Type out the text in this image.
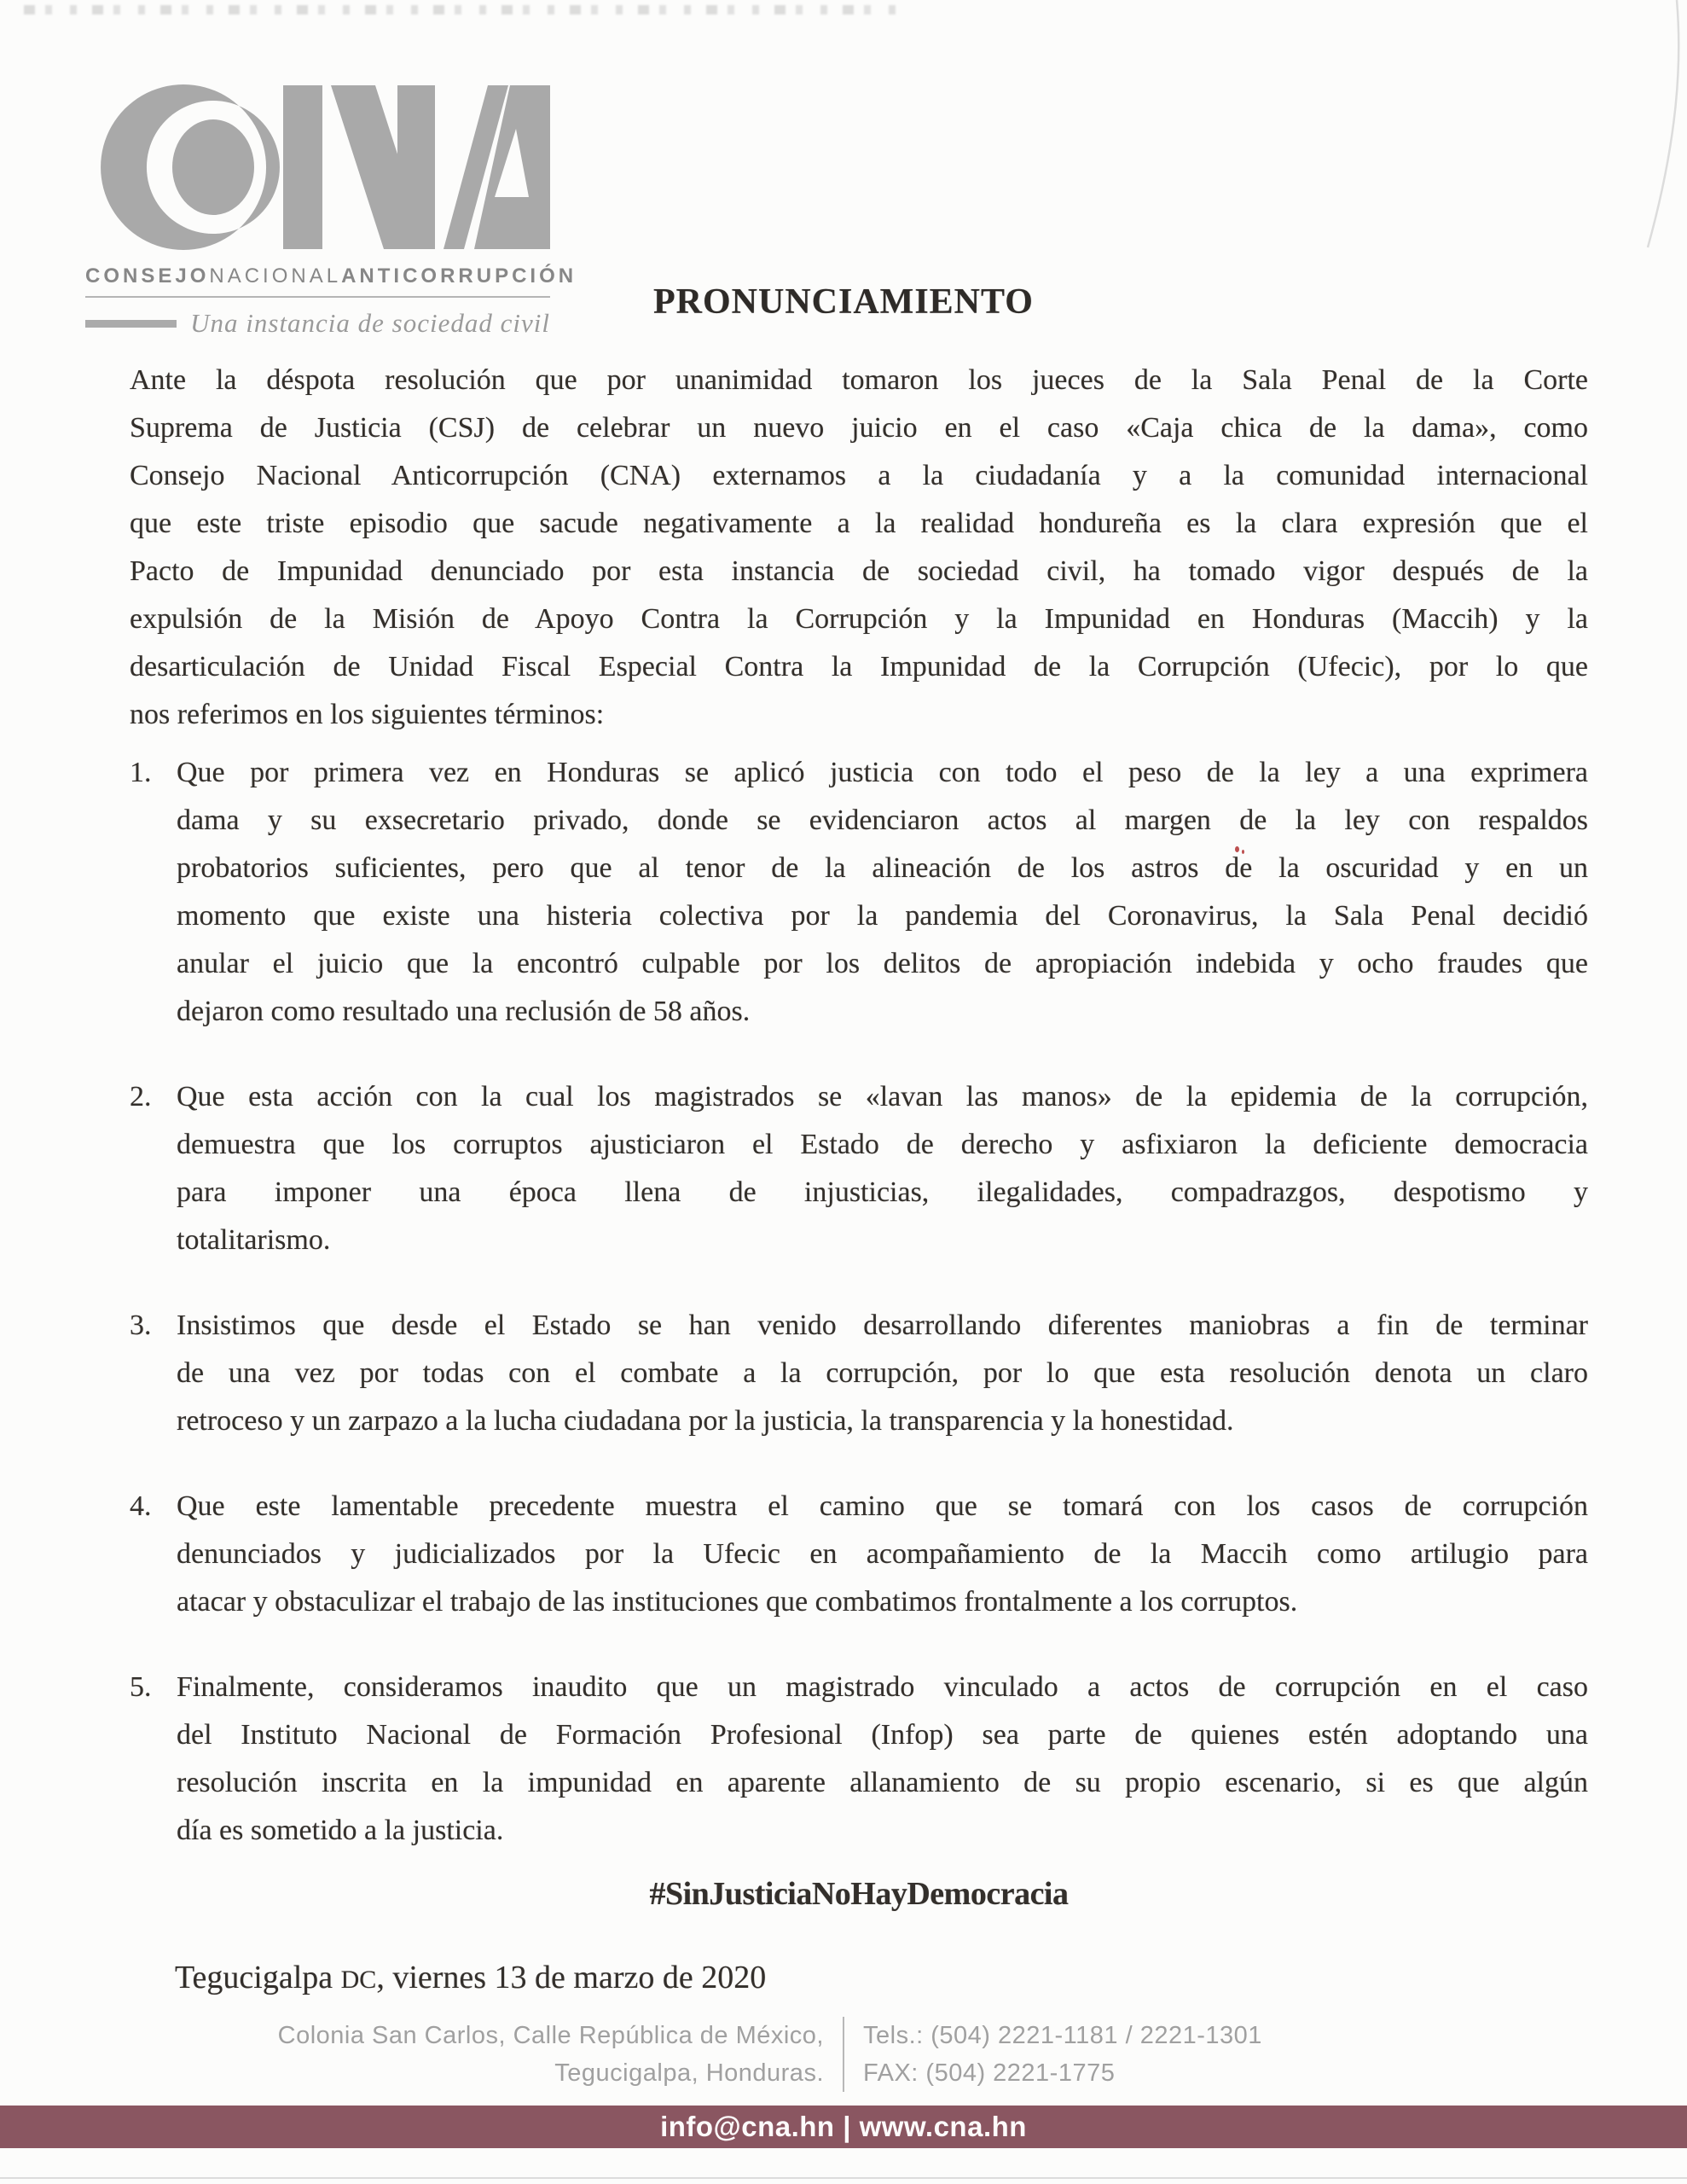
CONSEJO NACIONAL ANTICORRUPCIÓN
Una instancia de sociedad civil
PRONUNCIAMIENTO
Ante la déspota resolución que por unanimidad tomaron los jueces de la Sala Penal de la Corte
Suprema de Justicia (CSJ) de celebrar un nuevo juicio en el caso «Caja chica de la dama», como
Consejo Nacional Anticorrupción (CNA) externamos a la ciudadanía y a la comunidad internacional
que este triste episodio que sacude negativamente a la realidad hondureña es la clara expresión que el
Pacto de Impunidad denunciado por esta instancia de sociedad civil, ha tomado vigor después de la
expulsión de la Misión de Apoyo Contra la Corrupción y la Impunidad en Honduras (Maccih) y la
desarticulación de Unidad Fiscal Especial Contra la Impunidad de la Corrupción (Ufecic), por lo que
nos referimos en los siguientes términos:
1. Que por primera vez en Honduras se aplicó justicia con todo el peso de la ley a una exprimera
dama y su exsecretario privado, donde se evidenciaron actos al margen de la ley con respaldos
probatorios suficientes, pero que al tenor de la alineación de los astros de la oscuridad y en un
momento que existe una histeria colectiva por la pandemia del Coronavirus, la Sala Penal decidió
anular el juicio que la encontró culpable por los delitos de apropiación indebida y ocho fraudes que
dejaron como resultado una reclusión de 58 años.
2. Que esta acción con la cual los magistrados se «lavan las manos» de la epidemia de la corrupción,
demuestra que los corruptos ajusticiaron el Estado de derecho y asfixiaron la deficiente democracia
para imponer una época llena de injusticias, ilegalidades, compadrazgos, despotismo y
totalitarismo.
3. Insistimos que desde el Estado se han venido desarrollando diferentes maniobras a fin de terminar
de una vez por todas con el combate a la corrupción, por lo que esta resolución denota un claro
retroceso y un zarpazo a la lucha ciudadana por la justicia, la transparencia y la honestidad.
4. Que este lamentable precedente muestra el camino que se tomará con los casos de corrupción
denunciados y judicializados por la Ufecic en acompañamiento de la Maccih como artilugio para
atacar y obstaculizar el trabajo de las instituciones que combatimos frontalmente a los corruptos.
5. Finalmente, consideramos inaudito que un magistrado vinculado a actos de corrupción en el caso
del Instituto Nacional de Formación Profesional (Infop) sea parte de quienes estén adoptando una
resolución inscrita en la impunidad en aparente allanamiento de su propio escenario, si es que algún
día es sometido a la justicia.
#SinJusticiaNoHayDemocracia
Tegucigalpa DC, viernes 13 de marzo de 2020
Colonia San Carlos, Calle República de México,
Tegucigalpa, Honduras.
Tels.: (504) 2221-1181 / 2221-1301
FAX: (504) 2221-1775
info@cna.hn | www.cna.hn
